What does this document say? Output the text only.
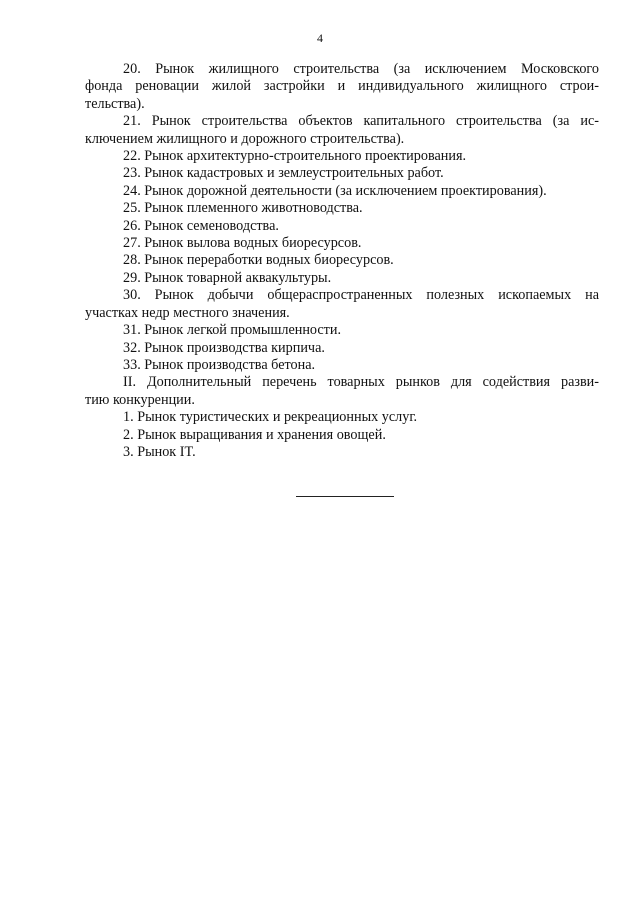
4
20. Рынок жилищного строительства (за исключением Московского
фонда реновации жилой застройки и индивидуального жилищного строи-
тельства).
21. Рынок строительства объектов капитального строительства (за ис-
ключением жилищного и дорожного строительства).
22. Рынок архитектурно-строительного проектирования.
23. Рынок кадастровых и землеустроительных работ.
24. Рынок дорожной деятельности (за исключением проектирования).
25. Рынок племенного животноводства.
26. Рынок семеноводства.
27. Рынок вылова водных биоресурсов.
28. Рынок переработки водных биоресурсов.
29. Рынок товарной аквакультуры.
30. Рынок добычи общераспространенных полезных ископаемых на
участках недр местного значения.
31. Рынок легкой промышленности.
32. Рынок производства кирпича.
33. Рынок производства бетона.
II. Дополнительный перечень товарных рынков для содействия разви-
тию конкуренции.
1. Рынок туристических и рекреационных услуг.
2. Рынок выращивания и хранения овощей.
3. Рынок IT.
